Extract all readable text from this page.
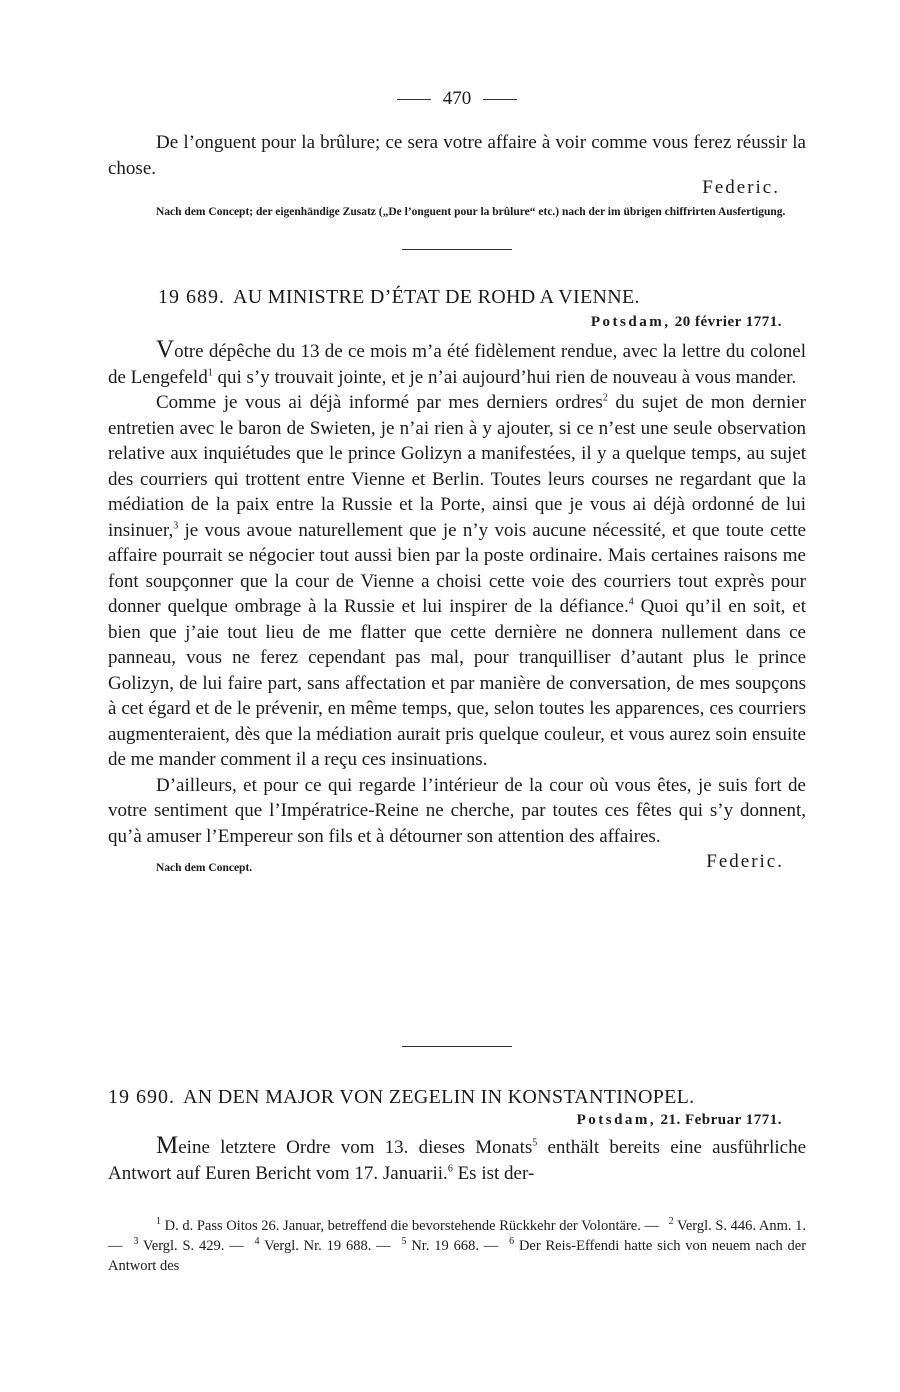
470

De l’onguent pour la brûlure; ce sera votre affaire à voir comme vous ferez réussir la chose.

Federic.

Nach dem Concept; der eigenhändige Zusatz („De l’onguent pour la brûlure“ etc.) nach der im übrigen chiffrirten Ausfertigung.

19 689. AU MINISTRE D’ÉTAT DE ROHD A VIENNE.

Potsdam, 20 février 1771.

Votre dépêche du 13 de ce mois m’a été fidèlement rendue, avec la lettre du colonel de Lengefeld$^1$ qui s’y trouvait jointe, et je n’ai aujourd’hui rien de nouveau à vous mander.

Comme je vous ai déjà informé par mes derniers ordres$^2$ du sujet de mon dernier entretien avec le baron de Swieten, je n’ai rien à y ajouter, si ce n’est une seule observation relative aux inquiétudes que le prince Golizyn a manifestées, il y a quelque temps, au sujet des courriers qui trottent entre Vienne et Berlin. Toutes leurs courses ne regardant que la médiation de la paix entre la Russie et la Porte, ainsi que je vous ai déjà ordonné de lui insinuer,$^3$ je vous avoue naturellement que je n’y vois aucune nécessité, et que toute cette affaire pourrait se négocier tout aussi bien par la poste ordinaire. Mais certaines raisons me font soupçonner que la cour de Vienne a choisi cette voie des courriers tout exprès pour donner quelque ombrage à la Russie et lui inspirer de la défiance.$^4$ Quoi qu’il en soit, et bien que j’aie tout lieu de me flatter que cette dernière ne donnera nullement dans ce panneau, vous ne ferez cependant pas mal, pour tranquilliser d’autant plus le prince Golizyn, de lui faire part, sans affectation et par manière de conversation, de mes soupçons à cet égard et de le prévenir, en même temps, que, selon toutes les apparences, ces courriers augmenteraient, dès que la médiation aurait pris quelque couleur, et vous aurez soin ensuite de me mander comment il a reçu ces insinuations.

D’ailleurs, et pour ce qui regarde l’intérieur de la cour où vous êtes, je suis fort de votre sentiment que l’Impératrice-Reine ne cherche, par toutes ces fêtes qui s’y donnent, qu’à amuser l’Empereur son fils et à détourner son attention des affaires.

Nach dem Concept.	Federic.

19 690. AN DEN MAJOR VON ZEGELIN IN KONSTANTINOPEL.

Potsdam, 21. Februar 1771.

Meine letztere Ordre vom 13. dieses Monats$^5$ enthält bereits eine ausführliche Antwort auf Euren Bericht vom 17. Januarii.$^6$ Es ist der-

$^1$ D. d. Pass Oitos 26. Januar, betreffend die bevorstehende Rückkehr der Volontäre. — $^2$ Vergl. S. 446. Anm. 1. — $^3$ Vergl. S. 429. — $^4$ Vergl. Nr. 19 688. — $^5$ Nr. 19 668. — $^6$ Der Reis-Effendi hatte sich von neuem nach der Antwort des
